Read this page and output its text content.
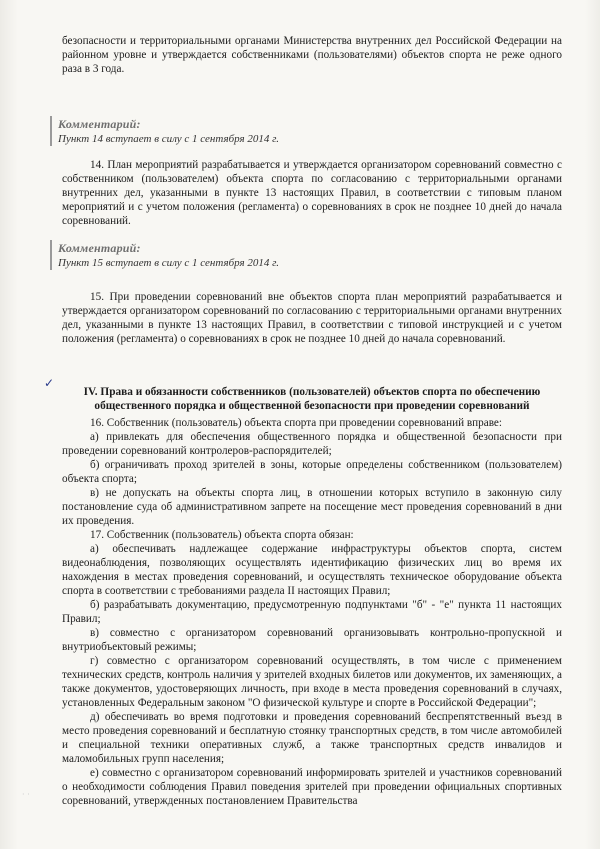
безопасности и территориальными органами Министерства внутренних дел Российской Федерации на районном уровне и утверждается собственниками (пользователями) объектов спорта не реже одного раза в 3 года.

Комментарий:
Пункт 14 вступает в силу с 1 сентября 2014 г.

14. План мероприятий разрабатывается и утверждается организатором соревнований совместно с собственником (пользователем) объекта спорта по согласованию с территориальными органами внутренних дел, указанными в пункте 13 настоящих Правил, в соответствии с типовым планом мероприятий и с учетом положения (регламента) о соревнованиях в срок не позднее 10 дней до начала соревнований.

Комментарий:
Пункт 15 вступает в силу с 1 сентября 2014 г.

15. При проведении соревнований вне объектов спорта план мероприятий разрабатывается и утверждается организатором соревнований по согласованию с территориальными органами внутренних дел, указанными в пункте 13 настоящих Правил, в соответствии с типовой инструкцией и с учетом положения (регламента) о соревнованиях в срок не позднее 10 дней до начала соревнований.

✓

IV. Права и обязанности собственников (пользователей) объектов спорта по обеспечению общественного порядка и общественной безопасности при проведении соревнований

16. Собственник (пользователь) объекта спорта при проведении соревнований вправе:

а) привлекать для обеспечения общественного порядка и общественной безопасности при проведении соревнований контролеров-распорядителей;

б) ограничивать проход зрителей в зоны, которые определены собственником (пользователем) объекта спорта;

в) не допускать на объекты спорта лиц, в отношении которых вступило в законную силу постановление суда об административном запрете на посещение мест проведения соревнований в дни их проведения.

17. Собственник (пользователь) объекта спорта обязан:

а) обеспечивать надлежащее содержание инфраструктуры объектов спорта, систем видеонаблюдения, позволяющих осуществлять идентификацию физических лиц во время их нахождения в местах проведения соревнований, и осуществлять техническое оборудование объекта спорта в соответствии с требованиями раздела II настоящих Правил;

б) разрабатывать документацию, предусмотренную подпунктами "б" - "е" пункта 11 настоящих Правил;

в) совместно с организатором соревнований организовывать контрольно-пропускной и внутриобъектовый режимы;

г) совместно с организатором соревнований осуществлять, в том числе с применением технических средств, контроль наличия у зрителей входных билетов или документов, их заменяющих, а также документов, удостоверяющих личность, при входе в места проведения соревнований в случаях, установленных Федеральным законом "О физической культуре и спорте в Российской Федерации";

д) обеспечивать во время подготовки и проведения соревнований беспрепятственный въезд в место проведения соревнований и бесплатную стоянку транспортных средств, в том числе автомобилей и специальной техники оперативных служб, а также транспортных средств инвалидов и маломобильных групп населения;

е) совместно с организатором соревнований информировать зрителей и участников соревнований о необходимости соблюдения Правил поведения зрителей при проведении официальных спортивных соревнований, утвержденных постановлением Правительства

· ·
